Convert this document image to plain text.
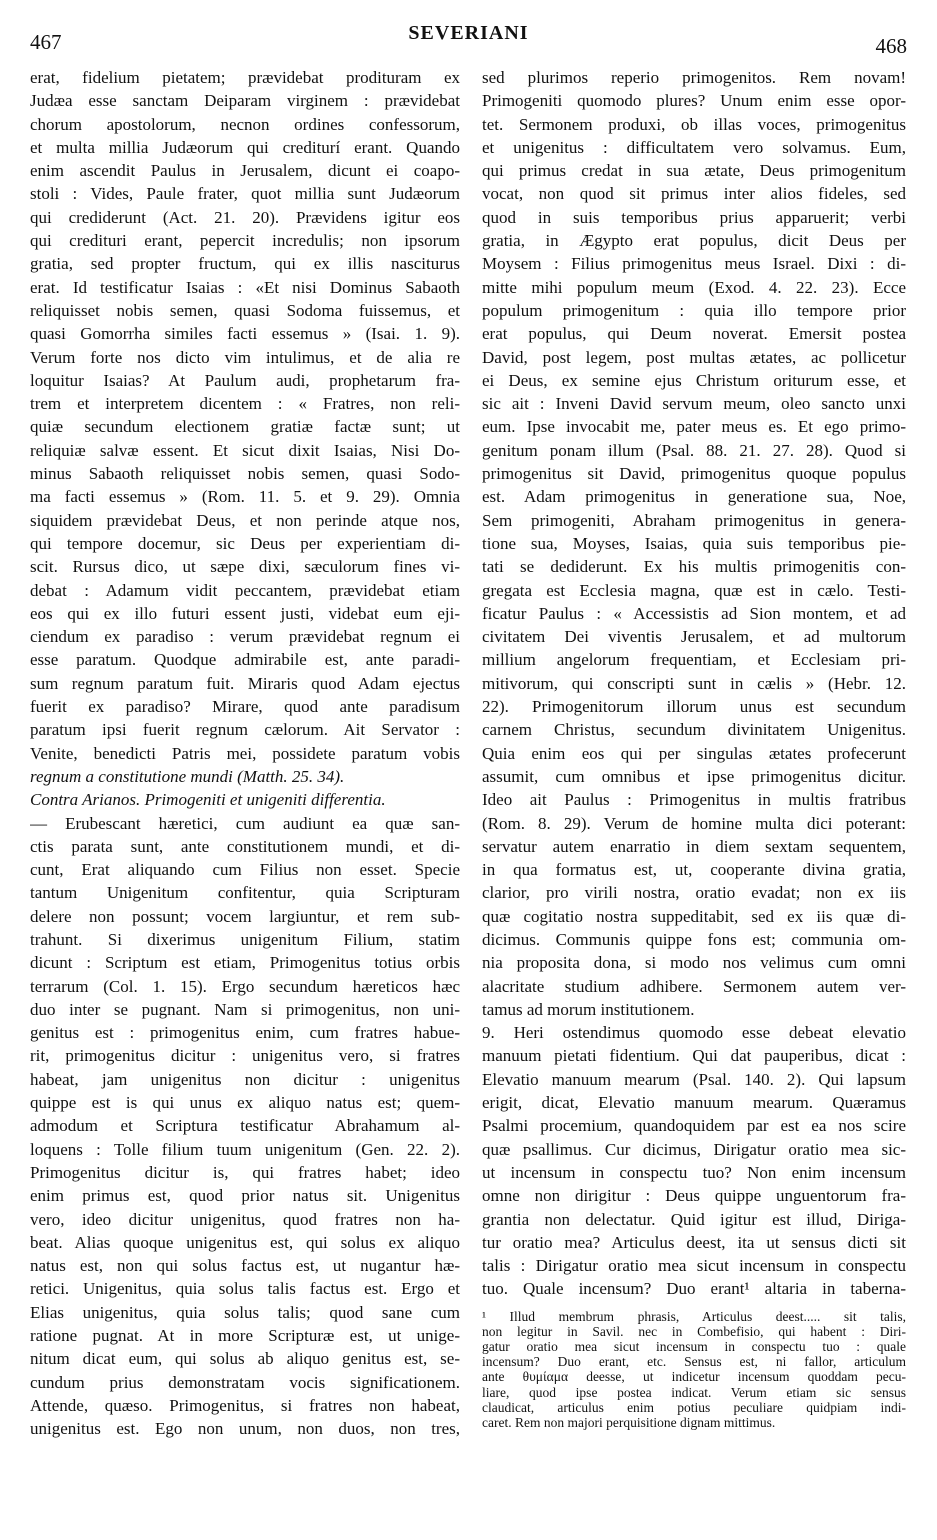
467	SEVERIANI
468
erat, fidelium pietatem; prævidebat prodituram ex
Judæa esse sanctam Deiparam virginem : prævidebat
chorum apostolorum, necnon ordines confessorum,
et multa millia Judæorum qui crediturí erant. Quando
enim ascendit Paulus in Jerusalem, dicunt ei coapo-
stoli : Vides, Paule frater, quot millia sunt Judæorum
qui crediderunt (Act. 21. 20). Prævidens igitur eos
qui credituri erant, pepercit incredulis; non ipsorum
gratia, sed propter fructum, qui ex illis nasciturus
erat. Id testificatur Isaias : «Et nisi Dominus Sabaoth
reliquisset nobis semen, quasi Sodoma fuissemus, et
quasi Gomorrha similes facti essemus » (Isai. 1. 9).
Verum forte nos dicto vim intulimus, et de alia re
loquitur Isaias? At Paulum audi, prophetarum fra-
trem et interpretem dicentem : « Fratres, non reli-
quiæ secundum electionem gratiæ factæ sunt; ut
reliquiæ salvæ essent. Et sicut dixit Isaias, Nisi Do-
minus Sabaoth reliquisset nobis semen, quasi Sodo-
ma facti essemus » (Rom. 11. 5. et 9. 29). Omnia
siquidem prævidebat Deus, et non perinde atque nos,
qui tempore docemur, sic Deus per experientiam di-
scit. Rursus dico, ut sæpe dixi, sæculorum fines vi-
debat : Adamum vidit peccantem, prævidebat etiam
eos qui ex illo futuri essent justi, videbat eum eji-
ciendum ex paradiso : verum prævidebat regnum ei
esse paratum. Quodque admirabile est, ante paradi-
sum regnum paratum fuit. Miraris quod Adam ejectus
fuerit ex paradiso? Mirare, quod ante paradisum
paratum ipsi fuerit regnum cælorum. Ait Servator :
Venite, benedicti Patris mei, possidete paratum vobis
regnum a constitutione mundi (Matth. 25. 34).
Contra Arianos. Primogeniti et unigeniti differentia.
— Erubescant hæretici, cum audiunt ea quæ san-
ctis parata sunt, ante constitutionem mundi, et di-
cunt, Erat aliquando cum Filius non esset. Specie
tantum Unigenitum confitentur, quia Scripturam
delere non possunt; vocem largiuntur, et rem sub-
trahunt. Si dixerimus unigenitum Filium, statim
dicunt : Scriptum est etiam, Primogenitus totius orbis
terrarum (Col. 1. 15). Ergo secundum hæreticos hæc
duo inter se pugnant. Nam si primogenitus, non uni-
genitus est : primogenitus enim, cum fratres habue-
rit, primogenitus dicitur : unigenitus vero, si fratres
habeat, jam unigenitus non dicitur : unigenitus
quippe est is qui unus ex aliquo natus est; quem-
admodum et Scriptura testificatur Abrahamum al-
loquens : Tolle filium tuum unigenitum (Gen. 22. 2).
Primogenitus dicitur is, qui fratres habet; ideo
enim primus est, quod prior natus sit. Unigenitus
vero, ideo dicitur unigenitus, quod fratres non ha-
beat. Alias quoque unigenitus est, qui solus ex aliquo
natus est, non qui solus factus est, ut nugantur hæ-
retici. Unigenitus, quia solus talis factus est. Ergo et
Elias unigenitus, quia solus talis; quod sane cum
ratione pugnat. At in more Scripturæ est, ut unige-
nitum dicat eum, qui solus ab aliquo genitus est, se-
cundum prius demonstratam vocis significationem.
Attende, quæso. Primogenitus, si fratres non habeat,
unigenitus est. Ego non unum, non duos, non tres,
sed plurimos reperio primogenitos. Rem novam!
Primogeniti quomodo plures? Unum enim esse opor-
tet. Sermonem produxi, ob illas voces, primogenitus
et unigenitus : difficultatem vero solvamus. Eum,
qui primus credat in sua ætate, Deus primogenitum
vocat, non quod sit primus inter alios fideles, sed
quod in suis temporibus prius apparuerit; verbi
gratia, in Ægypto erat populus, dicit Deus per
Moysem : Filius primogenitus meus Israel. Dixi : di-
mitte mihi populum meum (Exod. 4. 22. 23). Ecce
populum primogenitum : quia illo tempore prior
erat populus, qui Deum noverat. Emersit postea
David, post legem, post multas ætates, ac pollicetur
ei Deus, ex semine ejus Christum oriturum esse, et
sic ait : Inveni David servum meum, oleo sancto unxi
eum. Ipse invocabit me, pater meus es. Et ego primo-
genitum ponam illum (Psal. 88. 21. 27. 28). Quod si
primogenitus sit David, primogenitus quoque populus
est. Adam primogenitus in generatione sua, Noe,
Sem primogeniti, Abraham primogenitus in genera-
tione sua, Moyses, Isaias, quia suis temporibus pie-
tati se dediderunt. Ex his multis primogenitis con-
gregata est Ecclesia magna, quæ est in cælo. Testi-
ficatur Paulus : « Accessistis ad Sion montem, et ad
civitatem Dei viventis Jerusalem, et ad multorum
millium angelorum frequentiam, et Ecclesiam pri-
mitivorum, qui conscripti sunt in cælis » (Hebr. 12.
22). Primogenitorum illorum unus est secundum
carnem Christus, secundum divinitatem Unigenitus.
Quia enim eos qui per singulas ætates profecerunt
assumit, cum omnibus et ipse primogenitus dicitur.
Ideo ait Paulus : Primogenitus in multis fratribus
(Rom. 8. 29). Verum de homine multa dici poterant:
servatur autem enarratio in diem sextam sequentem,
in qua formatus est, ut, cooperante divina gratia,
clarior, pro virili nostra, oratio evadat; non ex iis
quæ cogitatio nostra suppeditabit, sed ex iis quæ di-
dicimus. Communis quippe fons est; communia om-
nia proposita dona, si modo nos velimus cum omni
alacritate studium adhibere. Sermonem autem ver-
tamus ad morum institutionem.
9. Heri ostendimus quomodo esse debeat elevatio
manuum pietati fidentium. Qui dat pauperibus, dicat :
Elevatio manuum mearum (Psal. 140. 2). Qui lapsum
erigit, dicat, Elevatio manuum mearum. Quæramus
Psalmi procemium, quandoquidem par est ea nos scire
quæ psallimus. Cur dicimus, Dirigatur oratio mea sic-
ut incensum in conspectu tuo? Non enim incensum
omne non dirigitur : Deus quippe unguentorum fra-
grantia non delectatur. Quid igitur est illud, Diriga-
tur oratio mea? Articulus deest, ita ut sensus dicti sit
talis : Dirigatur oratio mea sicut incensum in conspectu
tuo. Quale incensum? Duo erant¹ altaria in taberna-
¹ Illud membrum phrasis, Articulus deest..... sit talis,
non legitur in Savil. nec in Combefisio, qui habent : Diri-
gatur oratio mea sicut incensum in conspectu tuo : quale
incensum? Duo erant, etc. Sensus est, ni fallor, articulum
ante θυμίαμα deesse, ut indicetur incensum quoddam pecu-
liare, quod ipse postea indicat. Verum etiam sic sensus
claudicat, articulus enim potius peculiare quidpiam indi-
caret. Rem non majori perquisitione dignam mittimus.
